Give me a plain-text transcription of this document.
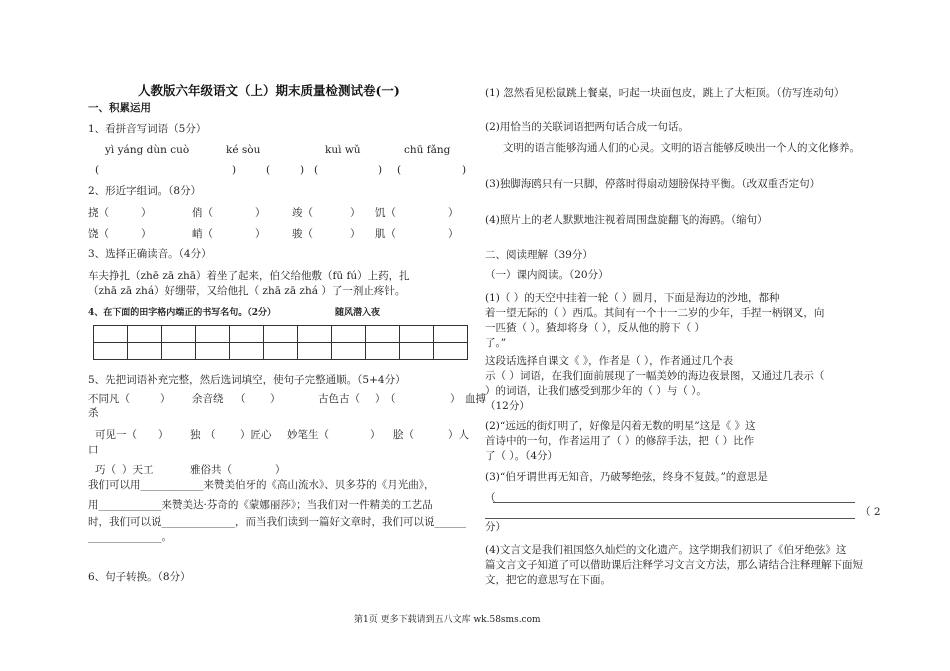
人教版六年级语文（上）期末质量检测试卷(一)
一、积累运用
1、看拼音写词语（5分）
yì yáng dùn cuò	ké sòu	kuì wǔ	chū fǎng
(	)	(	) (	) (	)
2、形近字组词。（8分）
挠（	）	俏（	）	竣（	） 饥（	）
饶（	）	峭（	）	骏（	） 肌（	）
3、选择正确读音。（4分）
车夫挣扎（zhē zā zhā）着坐了起来，伯父给他敷（fū fú）上药，扎
（zhā zā zhá）好绷带，又给他扎（ zhā zā zhá ）了一剂止疼针。
4、在下面的田字格内端正的书写名句。（2分）	随风潜入夜

5、先把词语补充完整，然后选词填空，使句子完整通顺。（5+4分）
不同凡（	） 余音绕 （ ）	古色古（ ） （	） 血搏
杀
可见一（ ） 独 （ ）匠心 妙笔生（	） 脍（	）人
口
巧（ ）天工	雅俗共（	）
我们可以用____________来赞美伯牙的《高山流水》、贝多芬的《月光曲》，
用____________来赞美达·芬奇的《蒙娜丽莎》；当我们对一件精美的工艺品
时，我们可以说______________，而当我们读到一篇好文章时，我们可以说______
______________。
6、句子转换。（8分）
(1) 忽然看见松鼠跳上餐桌，叼起一块面包皮，跳上了大柜顶。（仿写连动句）
(2)用恰当的关联词语把两句话合成一句话。
文明的语言能够沟通人们的心灵。文明的语言能够反映出一个人的文化修养。
(3)独脚海鸥只有一只脚，停落时得扇动翅膀保持平衡。（改双重否定句）
(4)照片上的老人默默地注视着周围盘旋翻飞的海鸥。（缩句）
二、阅读理解（39分）
（一）课内阅读。（20分）
(1)（ ）的天空中挂着一轮（ ）圆月，下面是海边的沙地，都种
着一望无际的（ ）西瓜。其间有一个十一二岁的少年，手捏一柄钢叉，向
一匹猹（ ）。猹却将身（ ），反从他的胯下（ ）
了。”
这段话选择自课文《 》，作者是（ ），作者通过几个表
示（ ）词语，在我们面前展现了一幅美妙的海边夜景图，又通过几表示（
）的词语，让我们感受到那少年的（ ）与（ ）。
（12分）
(2)“远远的街灯明了，好像是闪着无数的明星”这是《 》这
首诗中的一句，作者运用了（ ）的修辞手法，把（ ）比作
了（ ）。（4分）
(3)“伯牙谓世再无知音，乃破琴绝弦，终身不复鼓。”的意思是
（
（ 2
分）
(4)文言文是我们祖国悠久灿烂的文化遗产。这学期我们初识了《伯牙绝弦》这
篇文言文子知道了可以借助课后注释学习文言文方法，那么请结合注释理解下面短
文，把它的意思写在下面。
第1页 更多下载请到五八文库 wk.58sms.com
